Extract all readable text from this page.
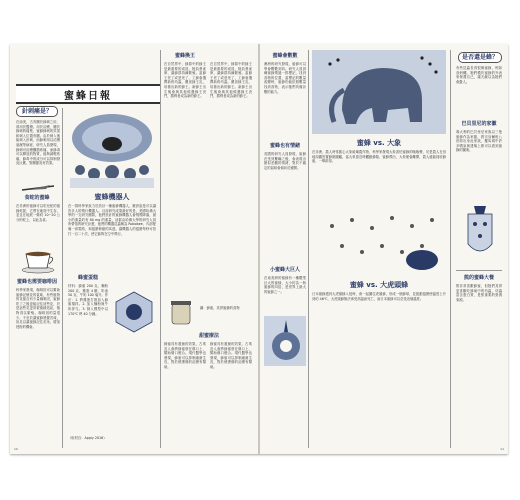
蜜蜂日報
針刺痛是？
在南美，古有關於蜂刺之用，被用於醫療。用於治療，關於蜂刺的痛楚，蜜蜂蜂刺的效果和刺入位置有關。由於刺入後能刺入針刺，而蜂刺用以治療風濕等病症，研究人員發現，蜂刺可治療關節疼痛，而蜂毒可以釋放的物質，能夠減輕疼痛，蜂毒中的成分可以抑制發炎反應，對關節炎有效果。
食蛇的蜜蜂
在非洲的蜜蜂可以吃死蛇的蜜蜂蛇屍，它們在地底中生存，並且在地底一條約 10~20 公分的蛇上，以此為食。
蜜蜂也需要咖啡因
科學家發現，咖啡因可以幫助蜜蜂記憶花的氣味，有些植物的花蜜含有少量咖啡因，蜜蜂吃了之後更能記住這些花，於是這些花更常被蜜蜂造訪，植物得以繁殖。咖啡因的量很少，不至於讓蜜蜂感覺苦味，但足以讓蜜蜂記住花朵，增加授粉的機會。
蜜蜂機器人
在一群科學家致力於設計一種蜜蜂機器人，應該說是可以讓許多人的飛行機器人。目前研究成果最好的是，美國哈佛大學的一支研究團隊，他們設計的蜜蜂機器人會飛飛降落，最小的重量約有 80 mg 的重量，這群由哈佛大學的研究人員所帶領的研究計畫，他們的機器昆蟲稱為 Robobee，內部配備一套電路，和翅膀伸縮的馬達。讓機器人的翅膀每秒可拍打一百二十次，使它能夠在空中飛行。
蜂蜜蛋糕
材料：蜂蜜 200 克、麵粉 200 克、雞蛋 4 顆、奶油 50 克、牛奶 100 毫升。作法：1. 將雞蛋打散加入蜂蜜攪拌。2. 加入麵粉與牛奶拌勻。3. 倒入模型中以 170℃ 烤 40 分鐘。
（取材自：Apply 2016）
蜜蜂換王
在自然界中，蜂群中的蜂王是最重要的成員，牠負責產卵，讓蜂群持續繁殖。當蜂王老了或是死了，工蜂會選擇新的幼蟲，餵食蜂王乳，培養出新的蜂王。新蜂王出生後會與其他候選蜂王決鬥，勝利者成為新的蜂王。
在自然界中，蜂群中的蜂王是最重要的成員，牠負責產卵，讓蜂群持續繁殖。當蜂王老了或是死了，工蜂會選擇新的幼蟲，餵食蜂王乳，培養出新的蜂王。新蜂王出生後會與其他候選蜂王決鬥，勝利者成為新的蜂王。
圖：蜂蜜，其實蜜蜂的食物
甜蜜療法
蜂蜜具有殺菌的效果，古埃及人會將蜂蜜塗在傷口上，幫助傷口癒合。現代醫學也發現，蜂蜜可以抑制細菌生長，對於燒燙傷的治療有幫助。
蜂蜜具有殺菌的效果，古埃及人會將蜂蜜塗在傷口上，幫助傷口癒合。現代醫學也發現，蜂蜜可以抑制細菌生長，對於燒燙傷的治療有幫助。
10
蜜蜂會數數
澳洲的研究發現，蜜蜂可以學會數數到四。研究人員訓練蜜蜂飛過一排標記，找到食物的位置，當標記的數量改變時，蜜蜂仍能依照數量找到食物，表示牠們具備計數的能力。
蜜蜂也有情緒
英國的研究人員發現，蜜蜂在受到驚嚇之後，會表現出類似悲觀的情緒，對於不確定的氣味會傾向於避開。
小蜜蜂大巨人
在南美洲的蜜蜂有一種體型巨大的蜜蜂，大小約為一般蜜蜂的四倍，是世界上最大的蜜蜂之一。
蜜蜂 vs. 大象
在非洲，農人時常擔心大象破壞農作物，科學家發現大象害怕蜜蜂的嗡嗡聲，於是農人在田地周圍設置蜂箱圍籬，當大象靠近時觸動蜂箱，蜜蜂飛出，大象便會離開，農人還能採收蜂蜜，一舉兩得。
蜜蜂 vs. 大虎頭蜂
日本蜜蜂遇到大虎頭蜂入侵時，會一起圍住虎頭蜂，形成一個蜂球，並振動翅膀使溫度上升到約 46℃，大虎頭蜂無法承受高溫而死亡，而日本蜜蜂可以忍受這個溫度。
是否還是蜂？
有些昆蟲長得很像蜜蜂，例如食蚜蠅，牠們模仿蜜蜂的外表來保護自己，讓天敵以為牠們會螫人。
巴貝里尼的家徽
義大利的巴貝里尼家族以三隻蜜蜂作為家徽，教宗烏爾班八世即出身此家族，羅馬城中許多噴泉與建築上都可以看到蜜蜂的圖案。
熊的蜜蜂大餐
熊非常喜歡蜂蜜，但牠們其實更喜歡吃蜂巢中的幼蟲，幼蟲富含蛋白質，是熊重要的營養來源。
11
